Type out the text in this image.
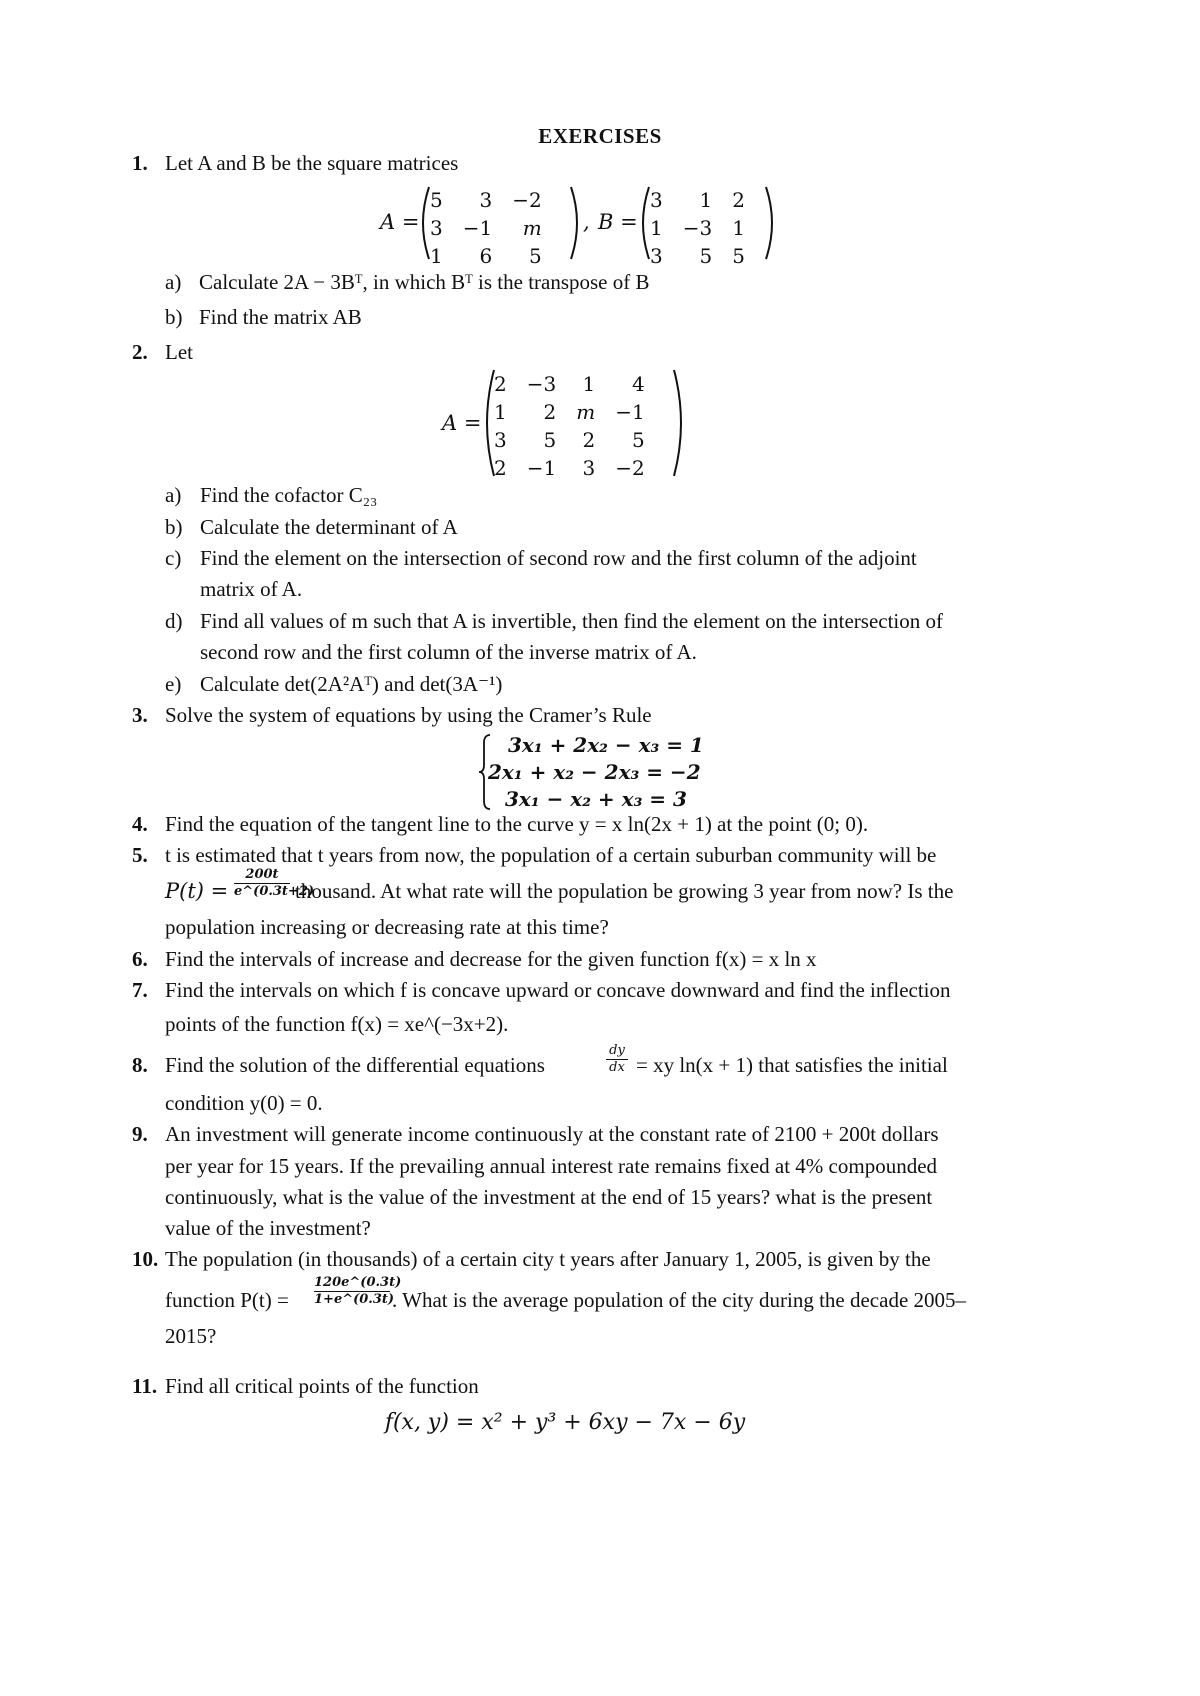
EXERCISES
1. Let A and B be the square matrices
A =
5	3	−2
3	−1	m
1	6	5
, B =
3	1	2
1	−3	1
3	5	5
a) Calculate 2A − 3Bᵀ, in which Bᵀ is the transpose of B
b) Find the matrix AB
2. Let
A =
2	−3	1	4
1	2	m	−1
3	5	2	5
2	−1	3	−2
a) Find the cofactor C₂₃
b) Calculate the determinant of A
c) Find the element on the intersection of second row and the first column of the adjoint
matrix of A.
d) Find all values of m such that A is invertible, then find the element on the intersection of
second row and the first column of the inverse matrix of A.
e) Calculate det(2A²Aᵀ) and det(3A⁻¹)
3. Solve the system of equations by using the Cramer’s Rule
3x₁ + 2x₂ − x₃ = 1
2x₁ + x₂ − 2x₃ = −2
3x₁ − x₂ + x₃ = 3
4. Find the equation of the tangent line to the curve y = x ln(2x + 1) at the point (0; 0).
5. t is estimated that t years from now, the population of a certain suburban community will be
P(t) =
200t
e^(0.3t+2)
thousand. At what rate will the population be growing 3 year from now? Is the
population increasing or decreasing rate at this time?
6. Find the intervals of increase and decrease for the given function f(x) = x ln x
7. Find the intervals on which f is concave upward or concave downward and find the inflection
points of the function f(x) = xe^(−3x+2).
8. Find the solution of the differential equations
dy
dx = xy ln(x + 1) that satisfies the initial
condition y(0) = 0.
9. An investment will generate income continuously at the constant rate of 2100 + 200t dollars
per year for 15 years. If the prevailing annual interest rate remains fixed at 4% compounded
continuously, what is the value of the investment at the end of 15 years? what is the present
value of the investment?
10. The population (in thousands) of a certain city t years after January 1, 2005, is given by the
function P(t) =
120e^(0.3t)
1+e^(0.3t)
. What is the average population of the city during the decade 2005–
2015?
11. Find all critical points of the function
f(x, y) = x² + y³ + 6xy − 7x − 6y
